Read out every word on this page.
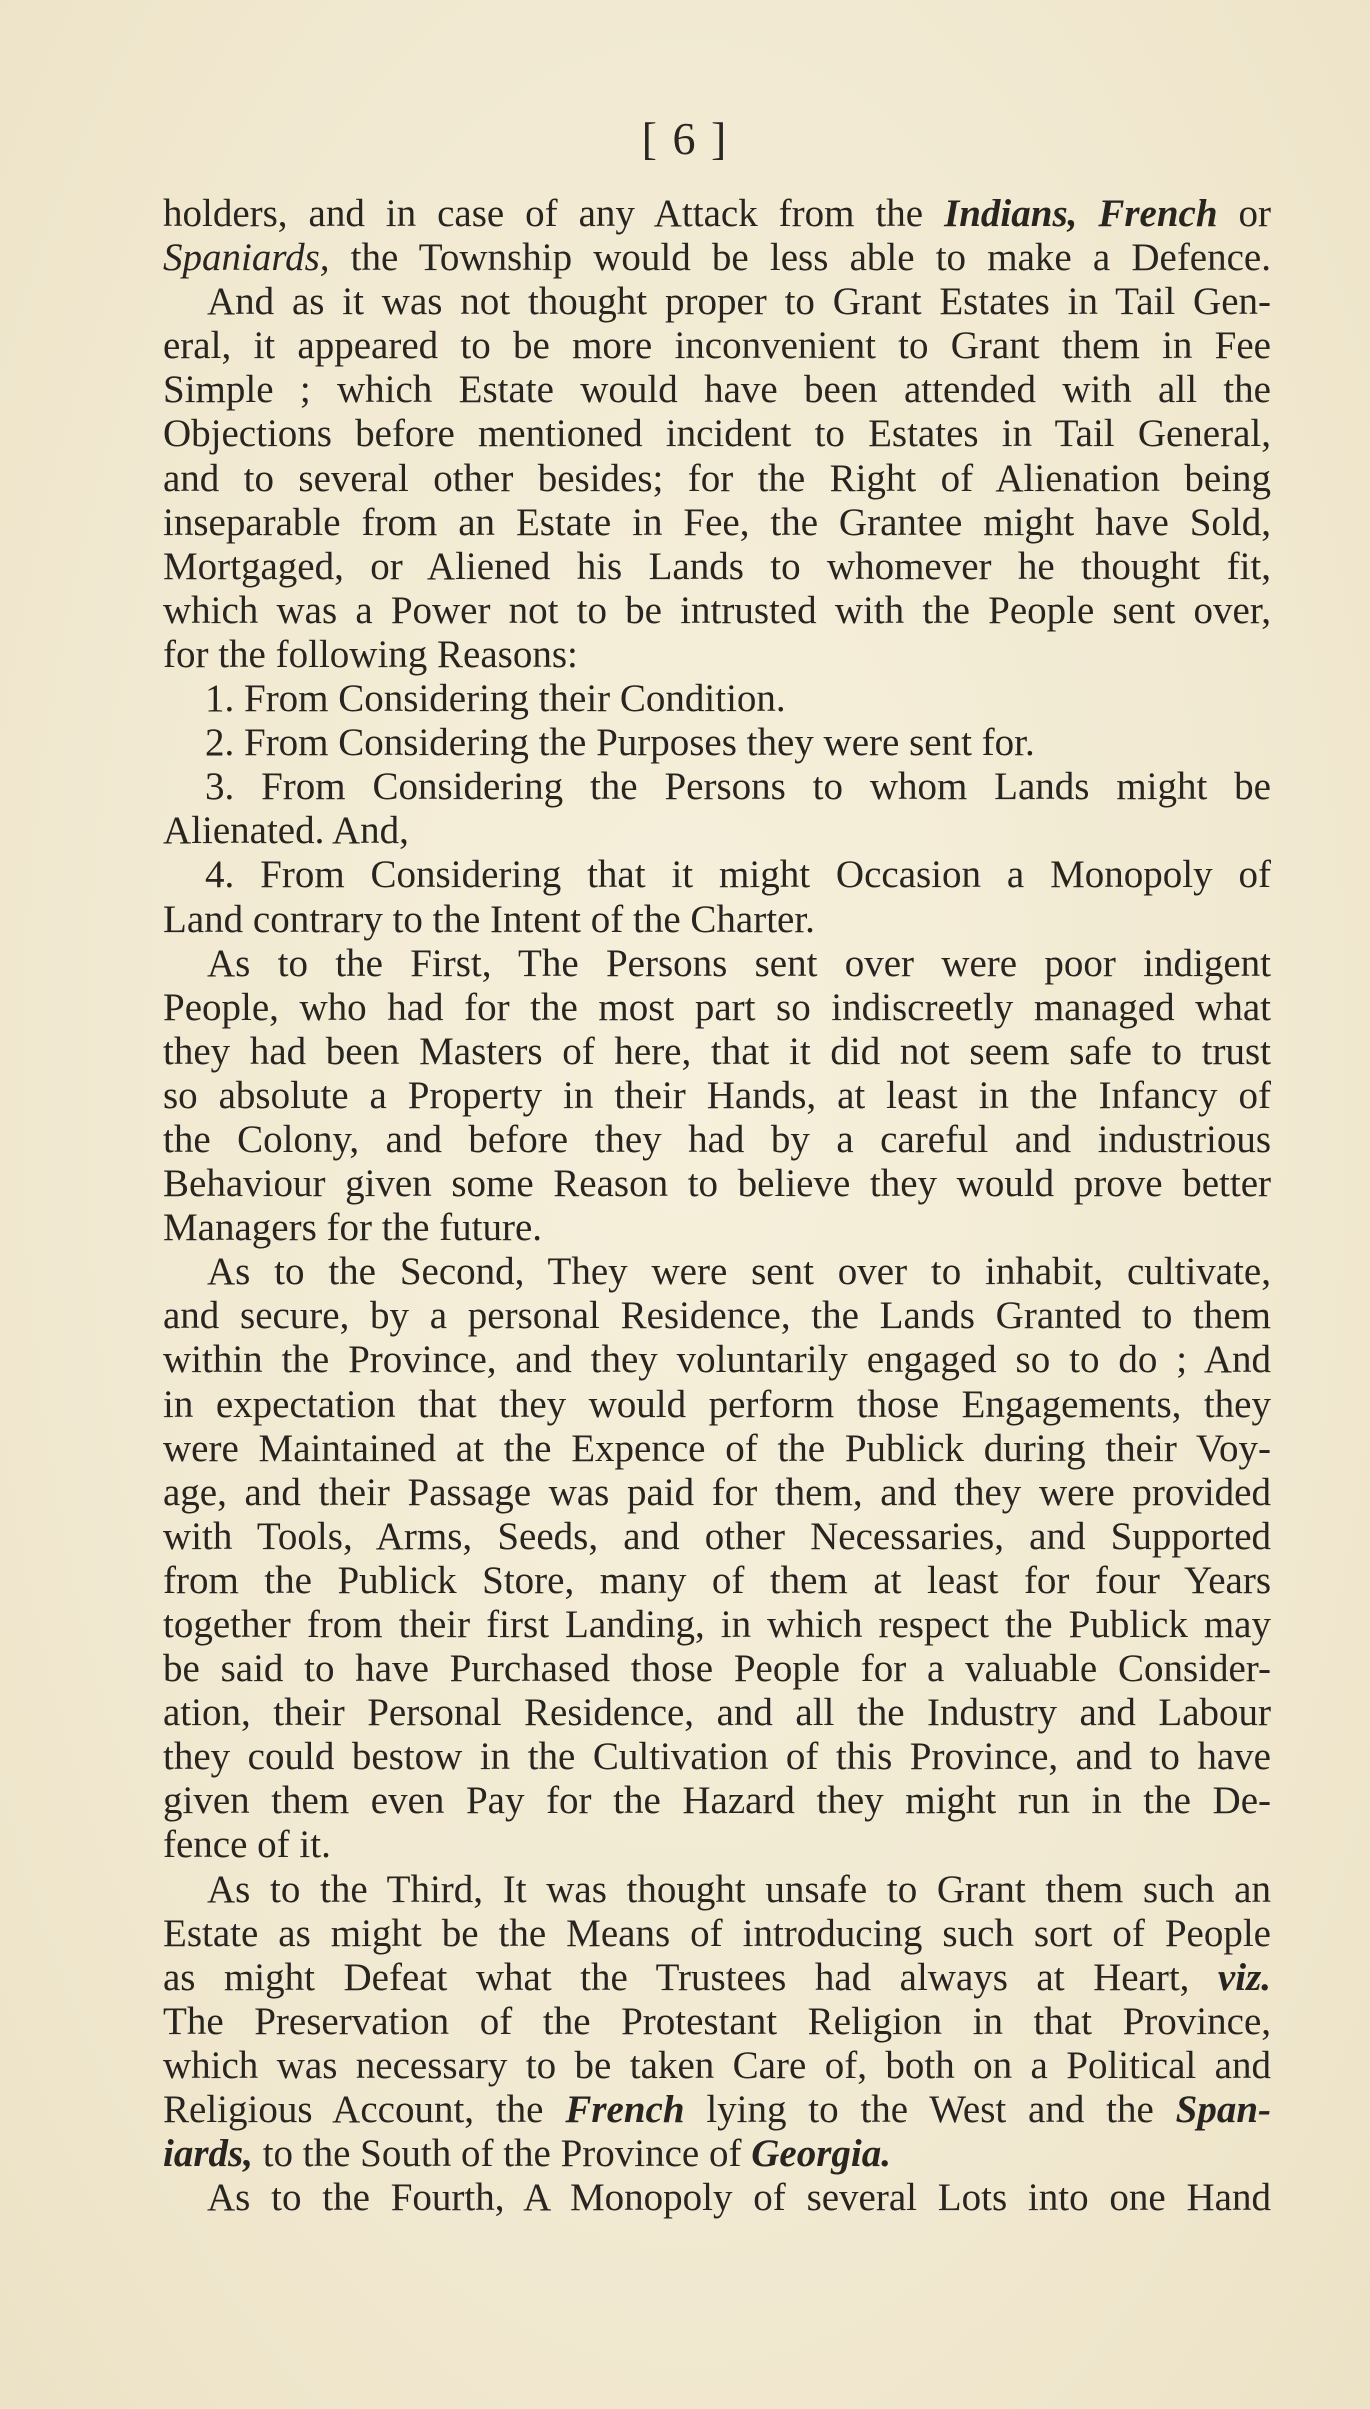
[ 6 ]
holders, and in case of any Attack from the Indians, French or
Spaniards, the Township would be less able to make a Defence.
And as it was not thought proper to Grant Estates in Tail Gen-
eral, it appeared to be more inconvenient to Grant them in Fee
Simple ; which Estate would have been attended with all the
Objections before mentioned incident to Estates in Tail General,
and to several other besides; for the Right of Alienation being
inseparable from an Estate in Fee, the Grantee might have Sold,
Mortgaged, or Aliened his Lands to whomever he thought fit,
which was a Power not to be intrusted with the People sent over,
for the following Reasons:
1. From Considering their Condition.
2. From Considering the Purposes they were sent for.
3. From Considering the Persons to whom Lands might be
Alienated. And,
4. From Considering that it might Occasion a Monopoly of
Land contrary to the Intent of the Charter.
As to the First, The Persons sent over were poor indigent
People, who had for the most part so indiscreetly managed what
they had been Masters of here, that it did not seem safe to trust
so absolute a Property in their Hands, at least in the Infancy of
the Colony, and before they had by a careful and industrious
Behaviour given some Reason to believe they would prove better
Managers for the future.
As to the Second, They were sent over to inhabit, cultivate,
and secure, by a personal Residence, the Lands Granted to them
within the Province, and they voluntarily engaged so to do ; And
in expectation that they would perform those Engagements, they
were Maintained at the Expence of the Publick during their Voy-
age, and their Passage was paid for them, and they were provided
with Tools, Arms, Seeds, and other Necessaries, and Supported
from the Publick Store, many of them at least for four Years
together from their first Landing, in which respect the Publick may
be said to have Purchased those People for a valuable Consider-
ation, their Personal Residence, and all the Industry and Labour
they could bestow in the Cultivation of this Province, and to have
given them even Pay for the Hazard they might run in the De-
fence of it.
As to the Third, It was thought unsafe to Grant them such an
Estate as might be the Means of introducing such sort of People
as might Defeat what the Trustees had always at Heart, viz.
The Preservation of the Protestant Religion in that Province,
which was necessary to be taken Care of, both on a Political and
Religious Account, the French lying to the West and the Span-
iards, to the South of the Province of Georgia.
As to the Fourth, A Monopoly of several Lots into one Hand
